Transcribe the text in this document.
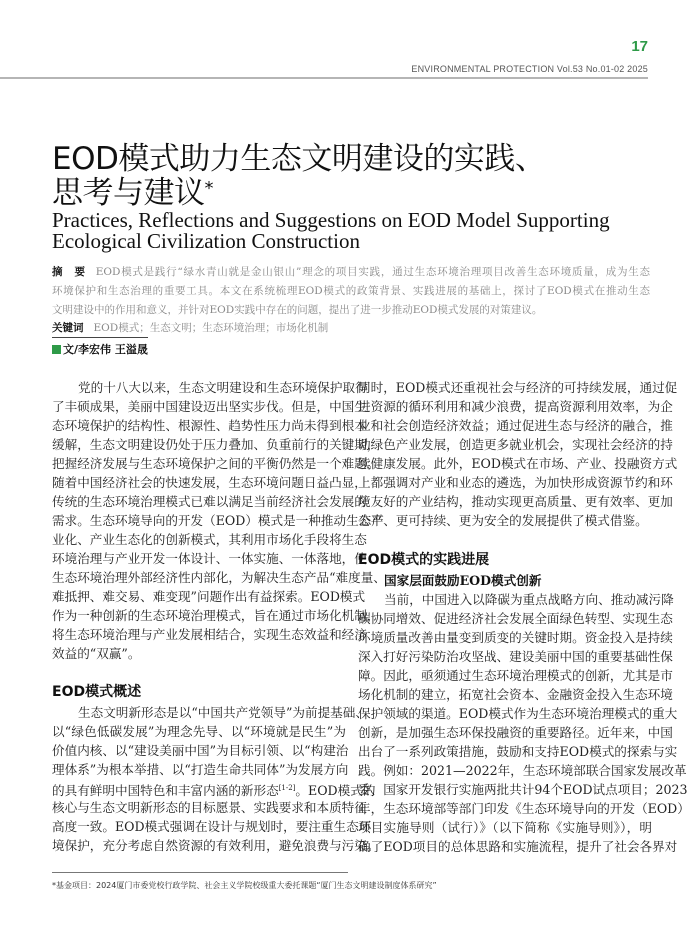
17
ENVIRONMENTAL PROTECTION Vol.53 No.01-02 2025
EOD模式助力生态文明建设的实践、
思考与建议*
Practices, Reflections and Suggestions on EOD Model Supporting Ecological Civilization Construction
摘　要 EOD模式是践行“绿水青山就是金山银山”理念的项目实践，通过生态环境治理项目改善生态环境质量，成为生态
环境保护和生态治理的重要工具。本文在系统梳理EOD模式的政策背景、实践进展的基础上，探讨了EOD模式在推动生态
文明建设中的作用和意义，并针对EOD实践中存在的问题，提出了进一步推动EOD模式发展的对策建议。
关键词 EOD模式；生态文明；生态环境治理；市场化机制
文/李宏伟 王溢晟
党的十八大以来，生态文明建设和生态环境保护取得
了丰硕成果，美丽中国建设迈出坚实步伐。但是，中国生
态环境保护的结构性、根源性、趋势性压力尚未得到根本
缓解，生态文明建设仍处于压力叠加、负重前行的关键期，
把握经济发展与生态环境保护之间的平衡仍然是一个难题。
随着中国经济社会的快速发展，生态环境问题日益凸显，
传统的生态环境治理模式已难以满足当前经济社会发展的
需求。生态环境导向的开发（EOD）模式是一种推动生态产
业化、产业生态化的创新模式，其利用市场化手段将生态
环境治理与产业开发一体设计、一体实施、一体落地，使
生态环境治理外部经济性内部化，为解决生态产品“难度量、
难抵押、难交易、难变现”问题作出有益探索。EOD模式
作为一种创新的生态环境治理模式，旨在通过市场化机制，
将生态环境治理与产业发展相结合，实现生态效益和经济
效益的“双赢”。
EOD模式概述
生态文明新形态是以“中国共产党领导”为前提基础、
以“绿色低碳发展”为理念先导、以“环境就是民生”为
价值内核、以“建设美丽中国”为目标引领、以“构建治
理体系”为根本举措、以“打造生命共同体”为发展方向
的具有鲜明中国特色和丰富内涵的新形态[1-2]。EOD模式的
核心与生态文明新形态的目标愿景、实践要求和本质特征
高度一致。EOD模式强调在设计与规划时，要注重生态环
境保护，充分考虑自然资源的有效利用，避免浪费与污染。
同时，EOD模式还重视社会与经济的可持续发展，通过促
进资源的循环利用和减少浪费，提高资源利用效率，为企
业和社会创造经济效益；通过促进生态与经济的融合，推
动绿色产业发展，创造更多就业机会，实现社会经济的持
续健康发展。此外，EOD模式在市场、产业、投融资方式
上都强调对产业和业态的遴选，为加快形成资源节约和环
境友好的产业结构，推动实现更高质量、更有效率、更加
公平、更可持续、更为安全的发展提供了模式借鉴。
EOD模式的实践进展
国家层面鼓励EOD模式创新
当前，中国进入以降碳为重点战略方向、推动减污降
碳协同增效、促进经济社会发展全面绿色转型、实现生态
环境质量改善由量变到质变的关键时期。资金投入是持续
深入打好污染防治攻坚战、建设美丽中国的重要基础性保
障。因此，亟须通过生态环境治理模式的创新，尤其是市
场化机制的建立，拓宽社会资本、金融资金投入生态环境
保护领域的渠道。EOD模式作为生态环境治理模式的重大
创新，是加强生态环保投融资的重要路径。近年来，中国
出台了一系列政策措施，鼓励和支持EOD模式的探索与实
践。例如：2021—2022年，生态环境部联合国家发展改革
委、国家开发银行实施两批共计94个EOD试点项目；2023
年，生态环境部等部门印发《生态环境导向的开发（EOD）
项目实施导则（试行）》（以下简称《实施导则》），明
确了EOD项目的总体思路和实施流程，提升了社会各界对
*基金项目：2024厦门市委党校行政学院、社会主义学院校级重大委托课题“厦门生态文明建设制度体系研究”
